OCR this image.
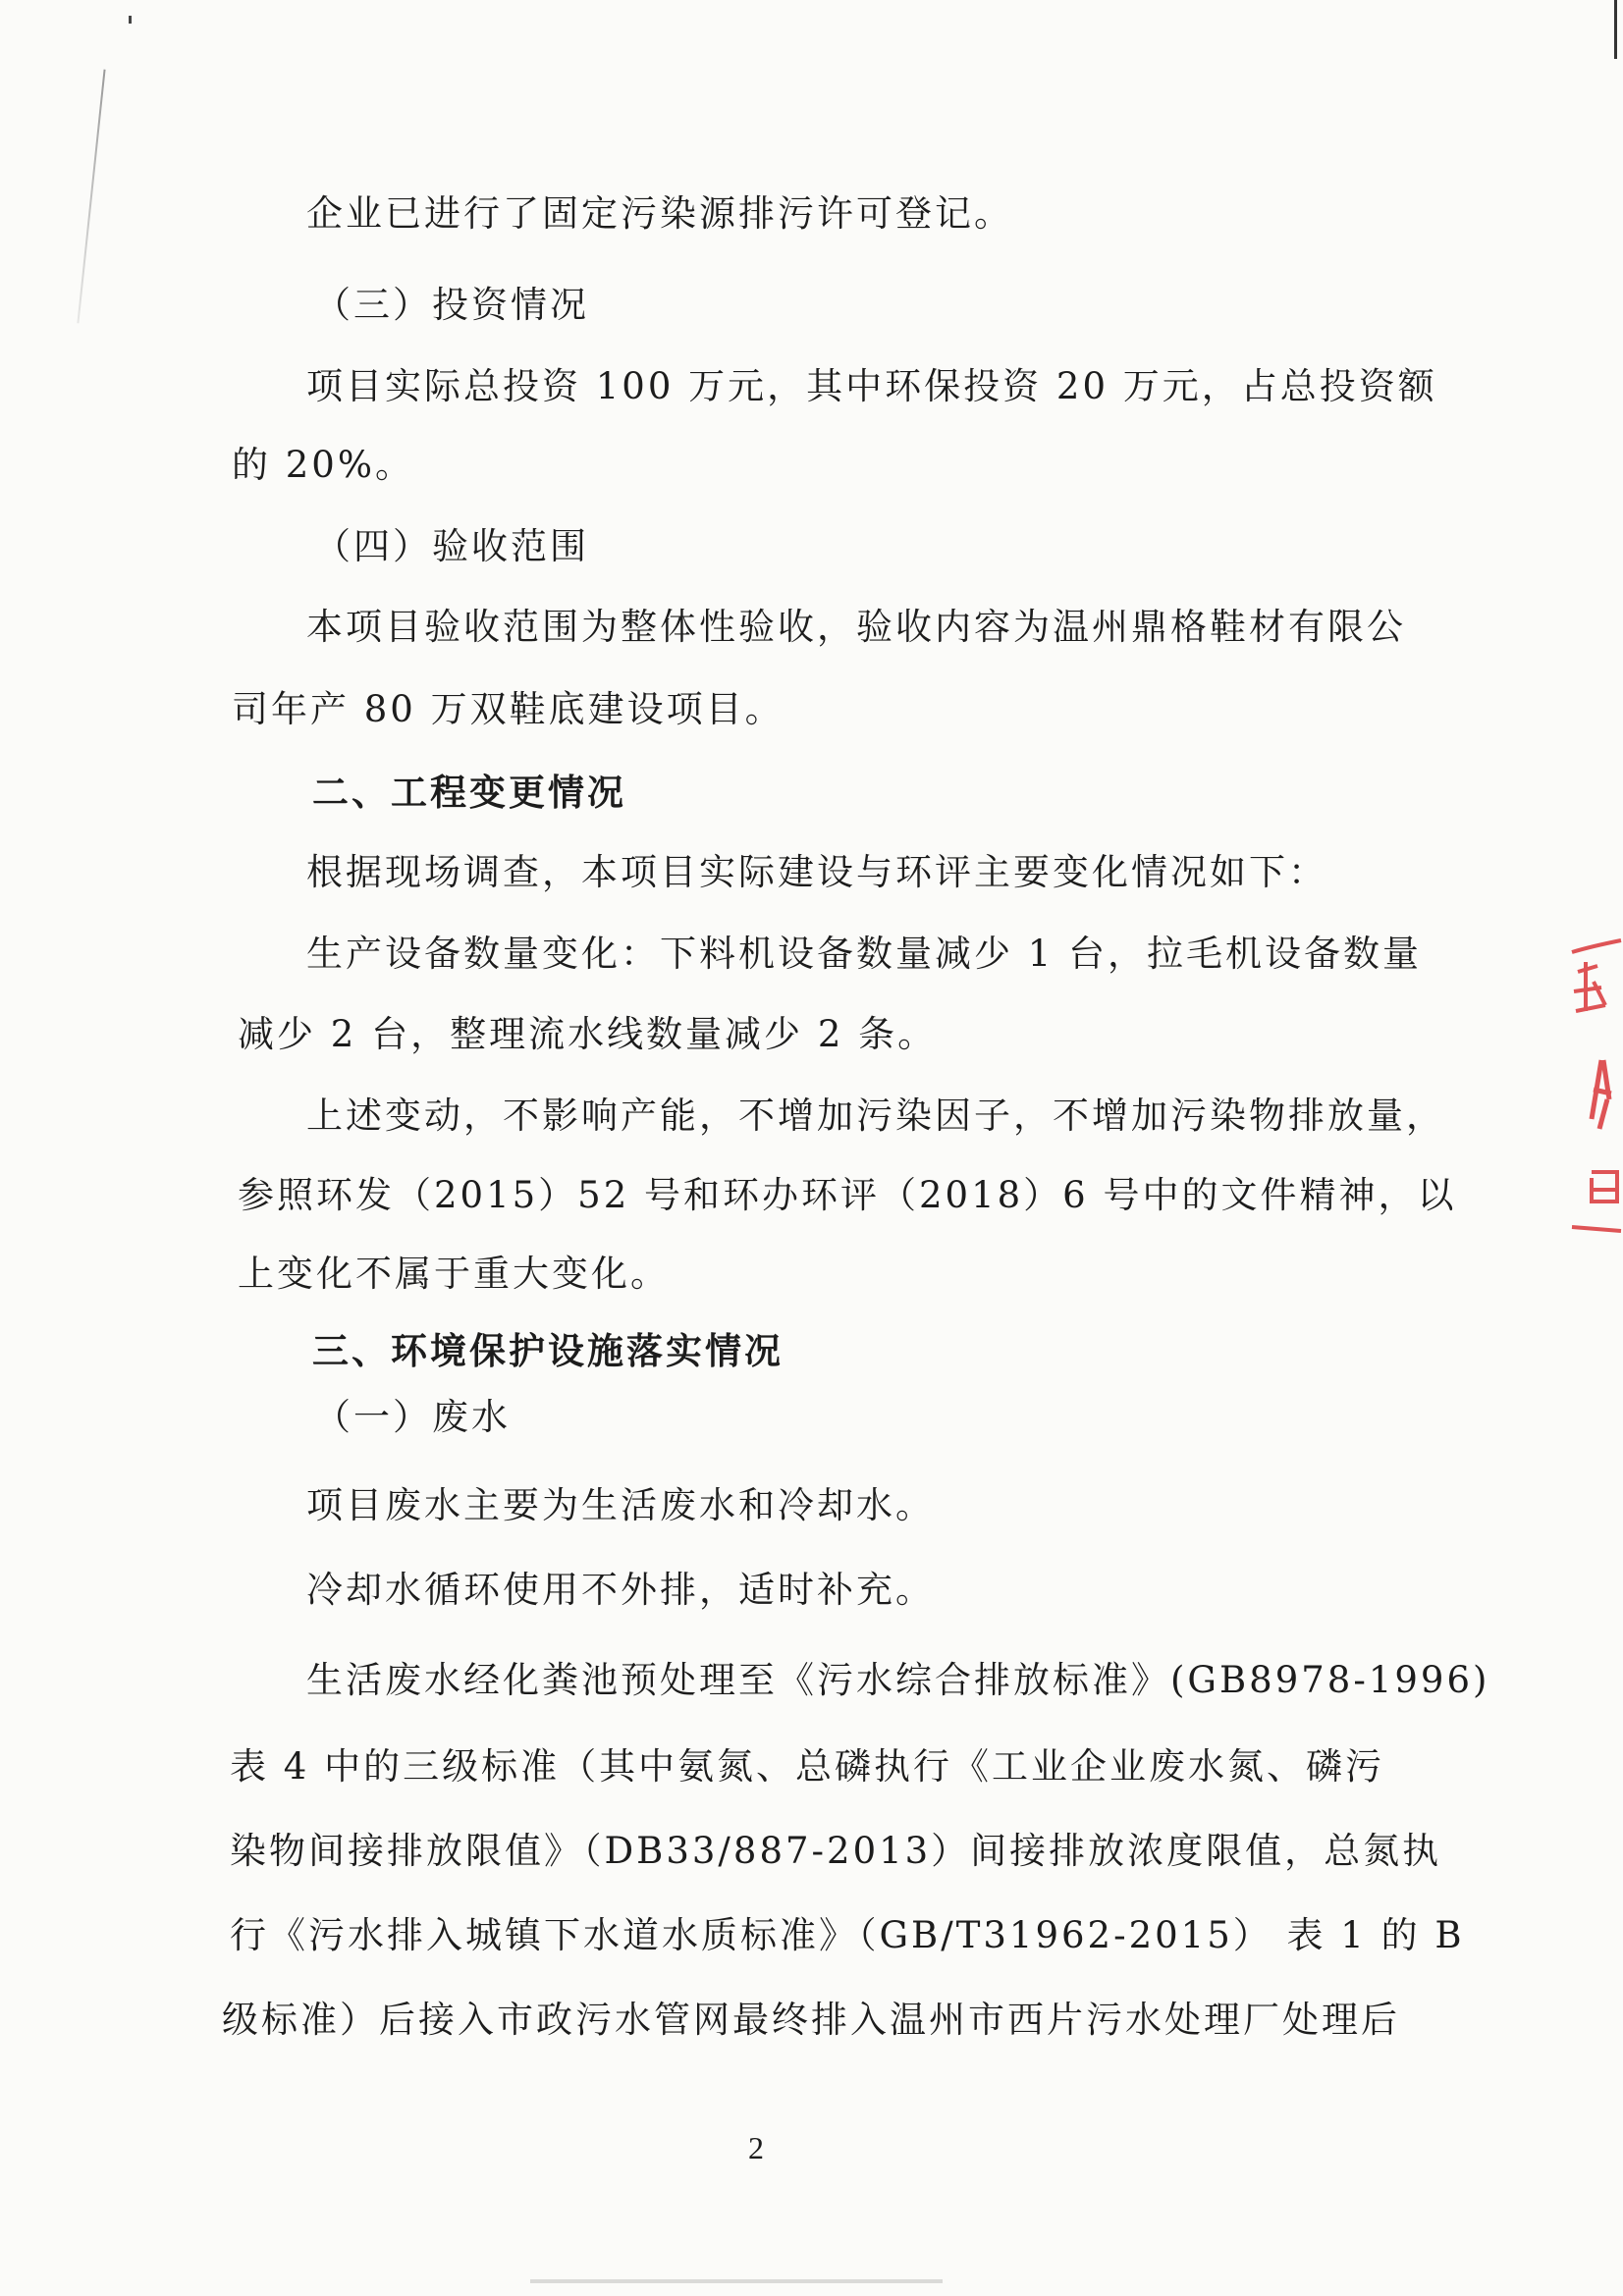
企业已进行了固定污染源排污许可登记。
（三）投资情况
项目实际总投资 100 万元，其中环保投资 20 万元，占总投资额
的 20%。
（四）验收范围
本项目验收范围为整体性验收，验收内容为温州鼎格鞋材有限公
司年产 80 万双鞋底建设项目。
二、工程变更情况
根据现场调查，本项目实际建设与环评主要变化情况如下：
生产设备数量变化：下料机设备数量减少 1 台，拉毛机设备数量
减少 2 台，整理流水线数量减少 2 条。
上述变动，不影响产能，不增加污染因子，不增加污染物排放量，
参照环发（2015）52 号和环办环评（2018）6 号中的文件精神，以
上变化不属于重大变化。
三、环境保护设施落实情况
（一）废水
项目废水主要为生活废水和冷却水。
冷却水循环使用不外排，适时补充。
生活废水经化粪池预处理至《污水综合排放标准》(GB8978-1996)
表 4 中的三级标准（其中氨氮、总磷执行《工业企业废水氮、磷污
染物间接排放限值》（DB33/887-2013）间接排放浓度限值，总氮执
行《污水排入城镇下水道水质标准》（GB/T31962-2015） 表 1 的 B
级标准）后接入市政污水管网最终排入温州市西片污水处理厂处理后
2
